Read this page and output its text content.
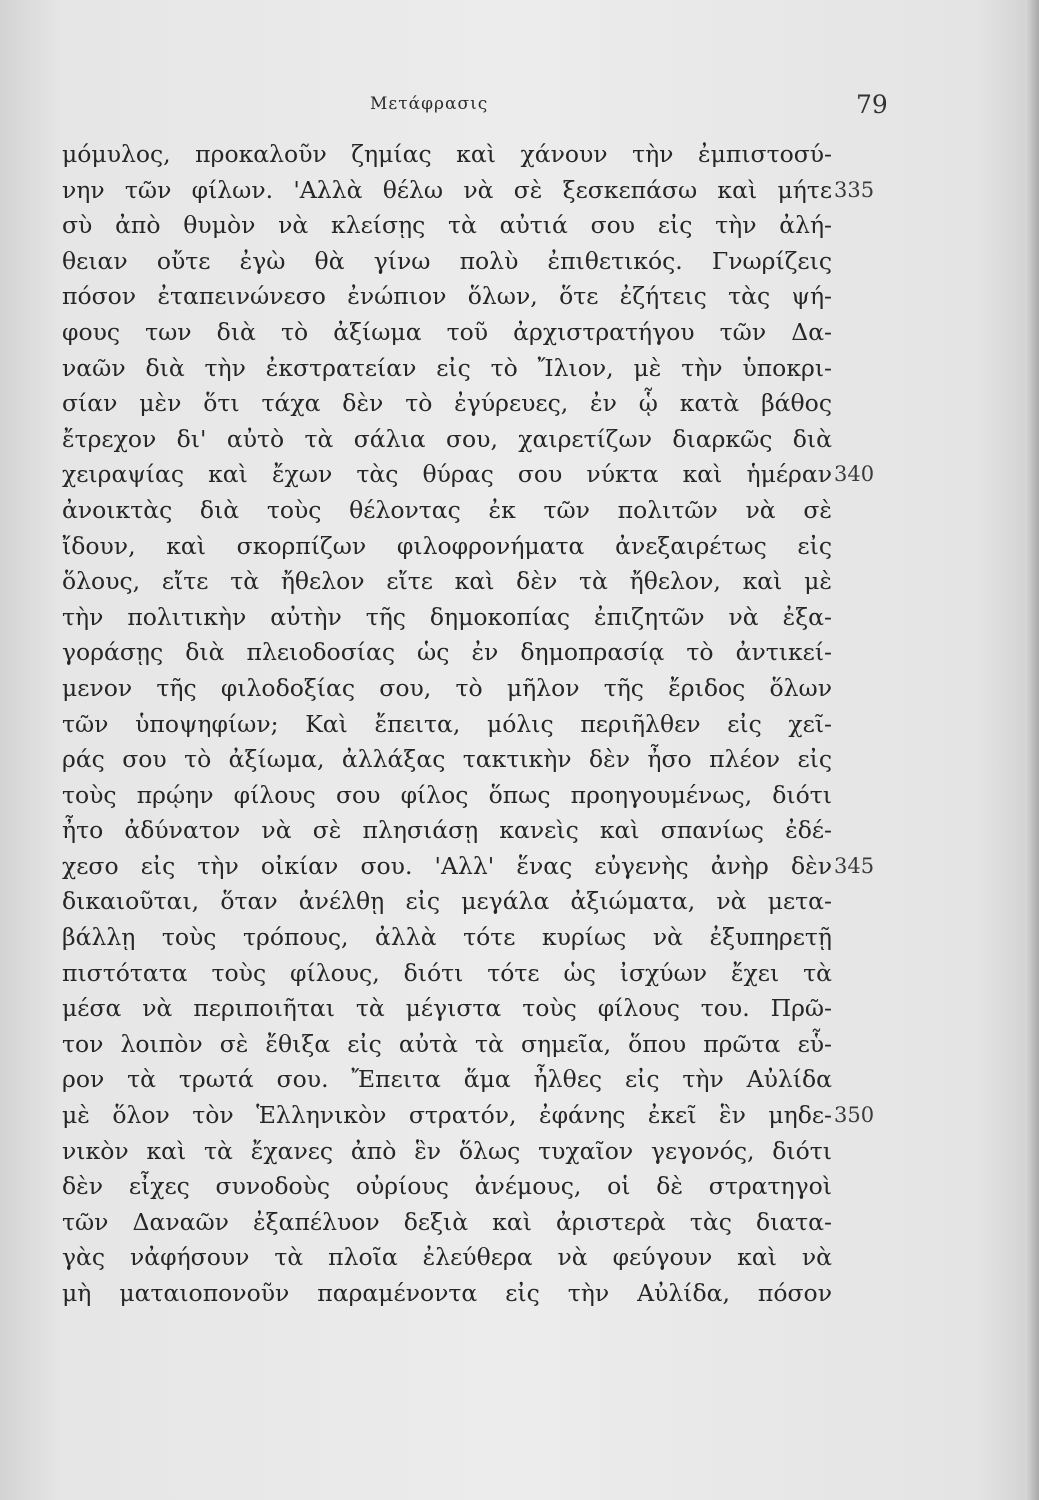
Μετάφρασις	79
μόμυλος, προκαλοῦν ζημίας καὶ χάνουν τὴν ἐμπιστοσύ-
νην τῶν φίλων. 'Αλλὰ θέλω νὰ σὲ ξεσκεπάσω καὶ μήτε
σὺ ἀπὸ θυμὸν νὰ κλείσῃς τὰ αὐτιά σου εἰς τὴν ἀλή-
θειαν οὔτε ἐγὼ θὰ γίνω πολὺ ἐπιθετικός. Γνωρίζεις
πόσον ἐταπεινώνεσο ἐνώπιον ὅλων, ὅτε ἐζήτεις τὰς ψή-
φους των διὰ τὸ ἀξίωμα τοῦ ἀρχιστρατήγου τῶν Δα-
ναῶν διὰ τὴν ἐκστρατείαν εἰς τὸ Ἴλιον, μὲ τὴν ὑποκρι-
σίαν μὲν ὅτι τάχα δὲν τὸ ἐγύρευες, ἐν ᾧ κατὰ βάθος
ἔτρεχον δι' αὐτὸ τὰ σάλια σου, χαιρετίζων διαρκῶς διὰ
χειραψίας καὶ ἔχων τὰς θύρας σου νύκτα καὶ ἡμέραν
ἀνοικτὰς διὰ τοὺς θέλοντας ἐκ τῶν πολιτῶν νὰ σὲ
ἴδουν, καὶ σκορπίζων φιλοφρονήματα ἀνεξαιρέτως εἰς
ὅλους, εἴτε τὰ ἤθελον εἴτε καὶ δὲν τὰ ἤθελον, καὶ μὲ
τὴν πολιτικὴν αὐτὴν τῆς δημοκοπίας ἐπιζητῶν νὰ ἐξα-
γοράσῃς διὰ πλειοδοσίας ὡς ἐν δημοπρασίᾳ τὸ ἀντικεί-
μενον τῆς φιλοδοξίας σου, τὸ μῆλον τῆς ἔριδος ὅλων
τῶν ὑποψηφίων; Καὶ ἔπειτα, μόλις περιῆλθεν εἰς χεῖ-
ράς σου τὸ ἀξίωμα, ἀλλάξας τακτικὴν δὲν ἦσο πλέον εἰς
τοὺς πρῴην φίλους σου φίλος ὅπως προηγουμένως, διότι
ἦτο ἀδύνατον νὰ σὲ πλησιάσῃ κανεὶς καὶ σπανίως ἐδέ-
χεσο εἰς τὴν οἰκίαν σου. 'Αλλ' ἕνας εὐγενὴς ἀνὴρ δὲν
δικαιοῦται, ὅταν ἀνέλθῃ εἰς μεγάλα ἀξιώματα, νὰ μετα-
βάλλῃ τοὺς τρόπους, ἀλλὰ τότε κυρίως νὰ ἐξυπηρετῇ
πιστότατα τοὺς φίλους, διότι τότε ὡς ἰσχύων ἔχει τὰ
μέσα νὰ περιποιῆται τὰ μέγιστα τοὺς φίλους του. Πρῶ-
τον λοιπὸν σὲ ἔθιξα εἰς αὐτὰ τὰ σημεῖα, ὅπου πρῶτα εὗ-
ρον τὰ τρωτά σου. Ἔπειτα ἅμα ἦλθες εἰς τὴν Αὐλίδα
μὲ ὅλον τὸν Ἑλληνικὸν στρατόν, ἐφάνης ἐκεῖ ἓν μηδε-
νικὸν καὶ τὰ ἔχανες ἀπὸ ἓν ὅλως τυχαῖον γεγονός, διότι
δὲν εἶχες συνοδοὺς οὐρίους ἀνέμους, οἱ δὲ στρατηγοὶ
τῶν Δαναῶν ἐξαπέλυον δεξιὰ καὶ ἀριστερὰ τὰς διατα-
γὰς νἀφήσουν τὰ πλοῖα ἐλεύθερα νὰ φεύγουν καὶ νὰ
μὴ ματαιοπονοῦν παραμένοντα εἰς τὴν Αὐλίδα, πόσον
335
340
345
350
